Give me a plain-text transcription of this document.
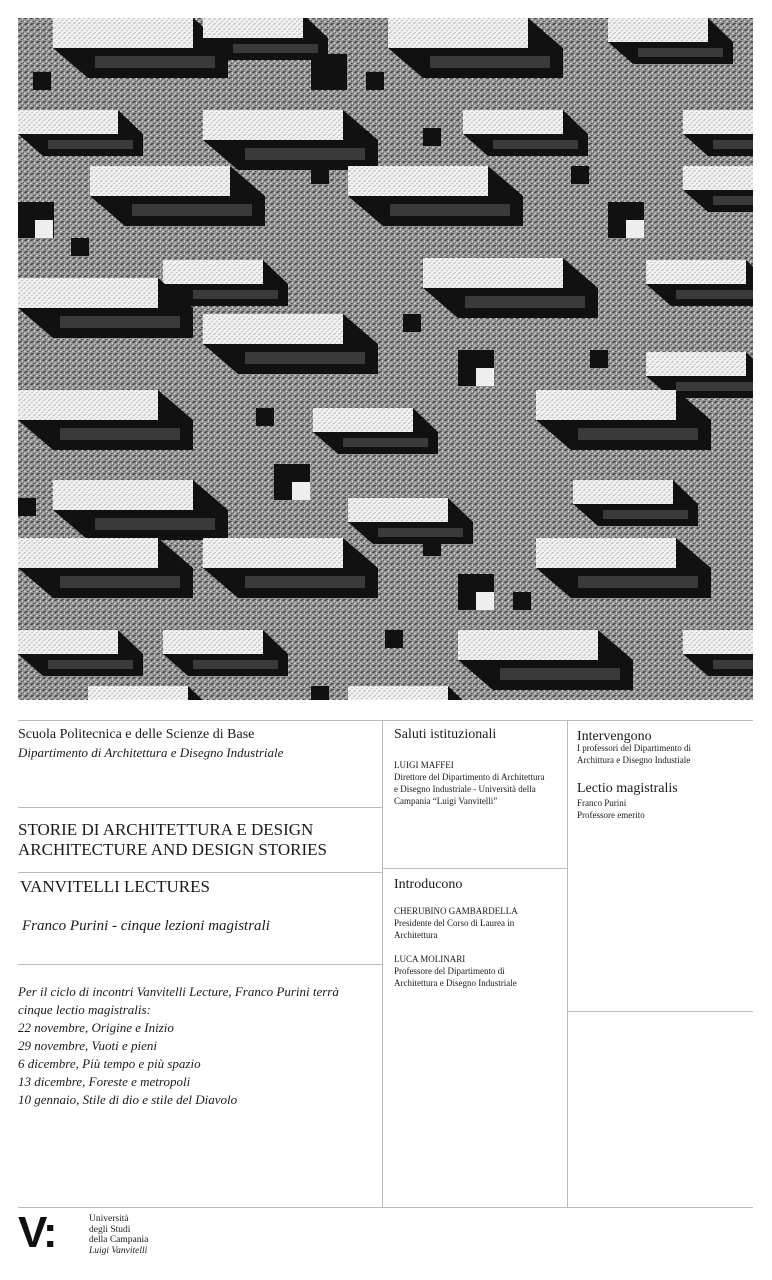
Scuola Politecnica e delle Scienze di Base
Dipartimento di Architettura e Disegno Industriale
STORIE DI ARCHITETTURA E DESIGN
ARCHITECTURE AND DESIGN STORIES
VANVITELLI LECTURES
Franco Purini - cinque lezioni magistrali
Per il ciclo di incontri Vanvitelli Lecture, Franco Purini terrà
cinque lectio magistralis:
22 novembre, Origine e Inizio
29 novembre, Vuoti e pieni
6 dicembre, Più tempo e più spazio
13 dicembre, Foreste e metropoli
10 gennaio, Stile di dio e stile del Diavolo
Saluti istituzionali
LUIGI MAFFEI
Direttore del Dipartimento di Architettura
e Disegno Industriale - Università della
Campania “Luigi Vanvitelli”
Introducono
CHERUBINO GAMBARDELLA
Presidente del Corso di Laurea in
Architettura
LUCA MOLINARI
Professore del Dipartimento di
Architettura e Disegno Industriale
Intervengono
I professori del Dipartimento di
Archittura e Disegno Industiale
Lectio magistralis
Franco Purini
Professore emerito
V:	Università
degli Studi
della Campania
Luigi Vanvitelli
